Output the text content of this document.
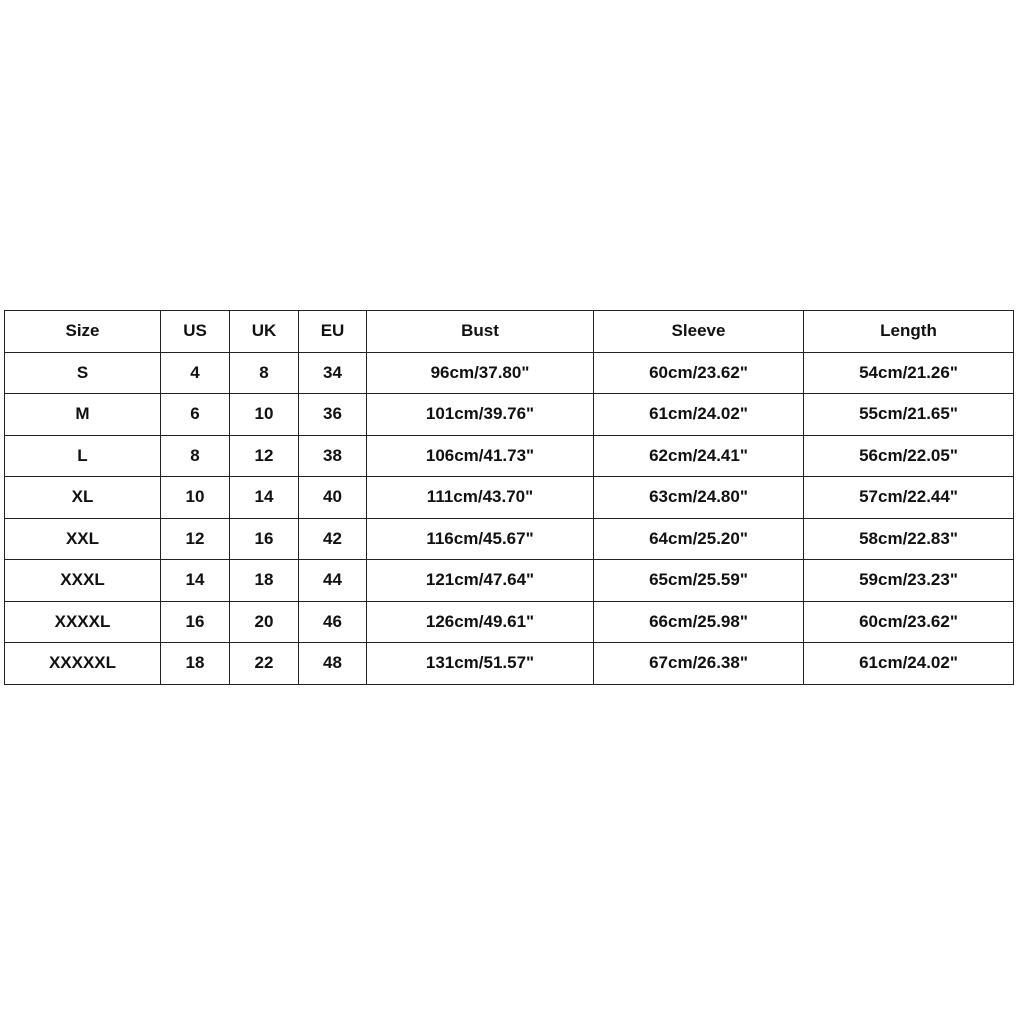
Size	US	UK	EU	Bust	Sleeve	Length
S	4	8	34	96cm/37.80"	60cm/23.62"	54cm/21.26"
M	6	10	36	101cm/39.76"	61cm/24.02"	55cm/21.65"
L	8	12	38	106cm/41.73"	62cm/24.41"	56cm/22.05"
XL	10	14	40	111cm/43.70"	63cm/24.80"	57cm/22.44"
XXL	12	16	42	116cm/45.67"	64cm/25.20"	58cm/22.83"
XXXL	14	18	44	121cm/47.64"	65cm/25.59"	59cm/23.23"
XXXXL	16	20	46	126cm/49.61"	66cm/25.98"	60cm/23.62"
XXXXXL	18	22	48	131cm/51.57"	67cm/26.38"	61cm/24.02"
